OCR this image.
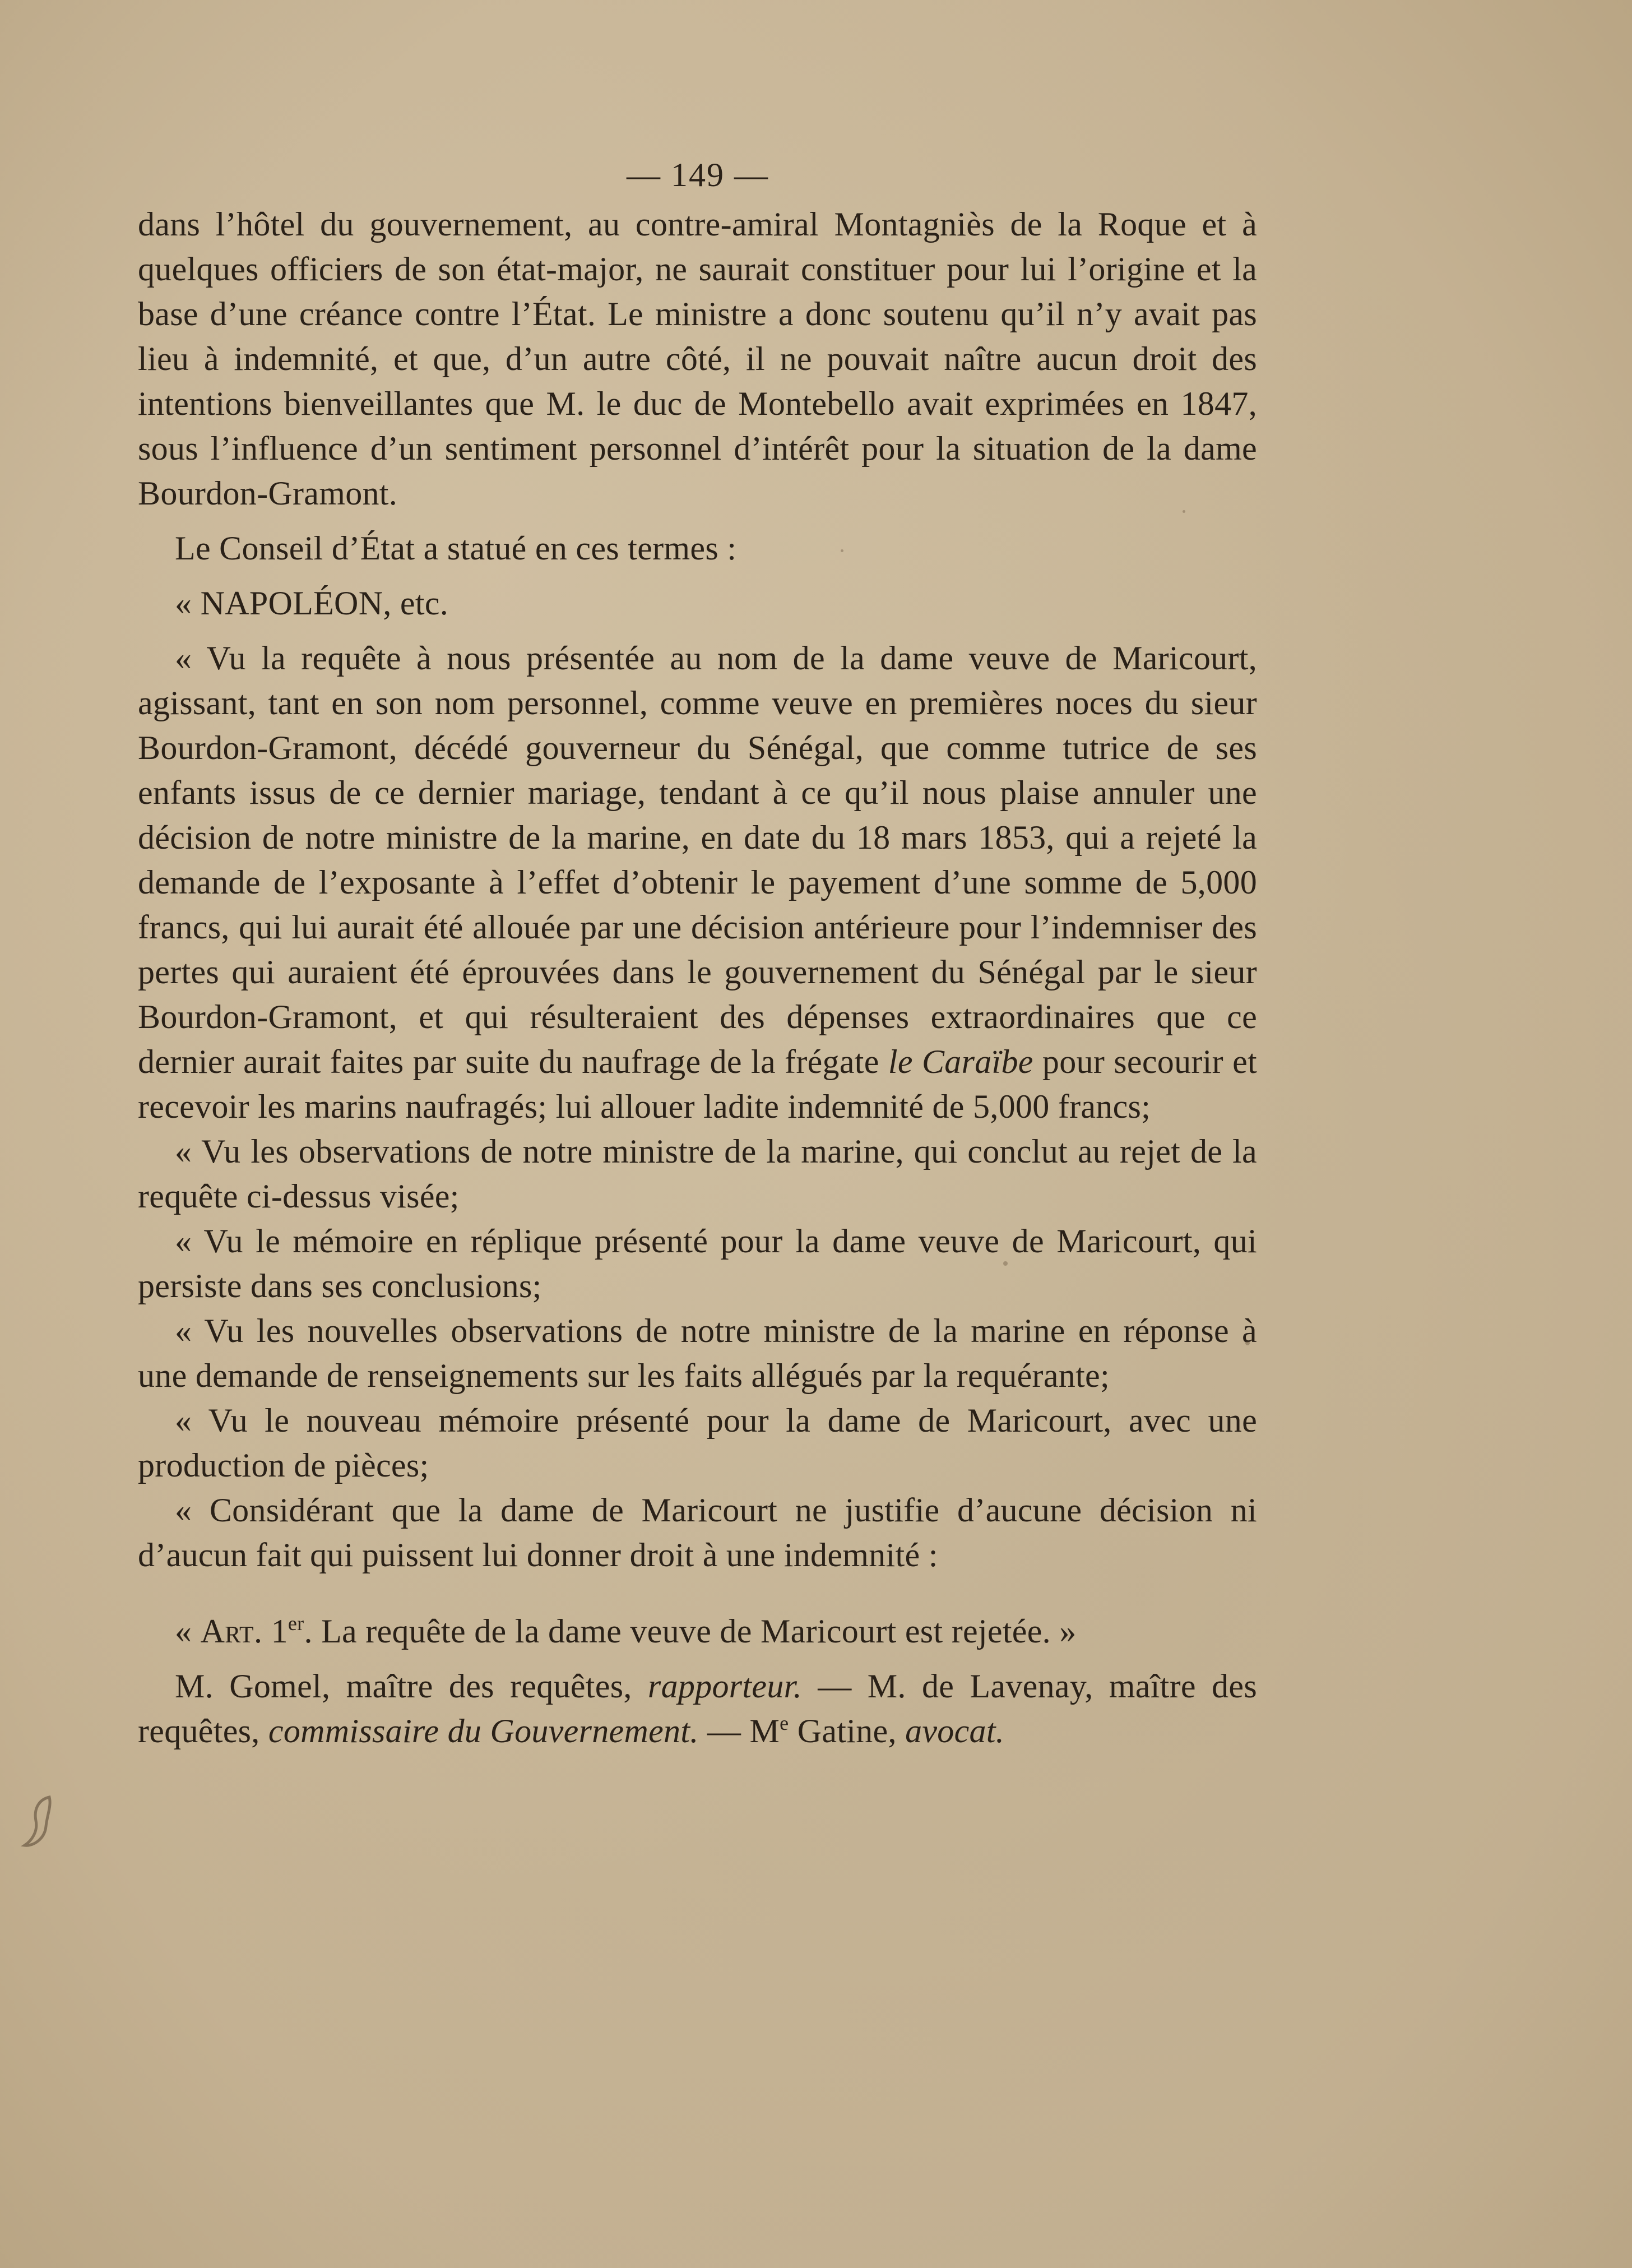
— 149 —

dans l’hôtel du gouvernement, au contre-amiral Montagniès de la Roque et à quelques officiers de son état-major, ne saurait constituer pour lui l’origine et la base d’une créance contre l’État. Le ministre a donc soutenu qu’il n’y avait pas lieu à indemnité, et que, d’un autre côté, il ne pouvait naître aucun droit des intentions bienveillantes que M. le duc de Montebello avait exprimées en 1847, sous l’influence d’un sentiment personnel d’intérêt pour la situation de la dame Bourdon-Gramont.

Le Conseil d’État a statué en ces termes :

« NAPOLÉON, etc.

« Vu la requête à nous présentée au nom de la dame veuve de Maricourt, agissant, tant en son nom personnel, comme veuve en premières noces du sieur Bourdon-Gramont, décédé gouverneur du Sénégal, que comme tutrice de ses enfants issus de ce dernier mariage, tendant à ce qu’il nous plaise annuler une décision de notre ministre de la marine, en date du 18 mars 1853, qui a rejeté la demande de l’exposante à l’effet d’obtenir le payement d’une somme de 5,000 francs, qui lui aurait été allouée par une décision antérieure pour l’indemniser des pertes qui auraient été éprouvées dans le gouvernement du Sénégal par le sieur Bourdon-Gramont, et qui résulteraient des dépenses extraordinaires que ce dernier aurait faites par suite du naufrage de la frégate le Caraïbe pour secourir et recevoir les marins naufragés; lui allouer ladite indemnité de 5,000 francs;

« Vu les observations de notre ministre de la marine, qui conclut au rejet de la requête ci-dessus visée;

« Vu le mémoire en réplique présenté pour la dame veuve de Maricourt, qui persiste dans ses conclusions;

« Vu les nouvelles observations de notre ministre de la marine en réponse à une demande de renseignements sur les faits allégués par la requérante;

« Vu le nouveau mémoire présenté pour la dame de Maricourt, avec une production de pièces;

« Considérant que la dame de Maricourt ne justifie d’aucune décision ni d’aucun fait qui puissent lui donner droit à une indemnité :

« Art. 1er. La requête de la dame veuve de Maricourt est rejetée. »

M. Gomel, maître des requêtes, rapporteur. — M. de Lavenay, maître des requêtes, commissaire du Gouvernement. — Me Gatine, avocat.
